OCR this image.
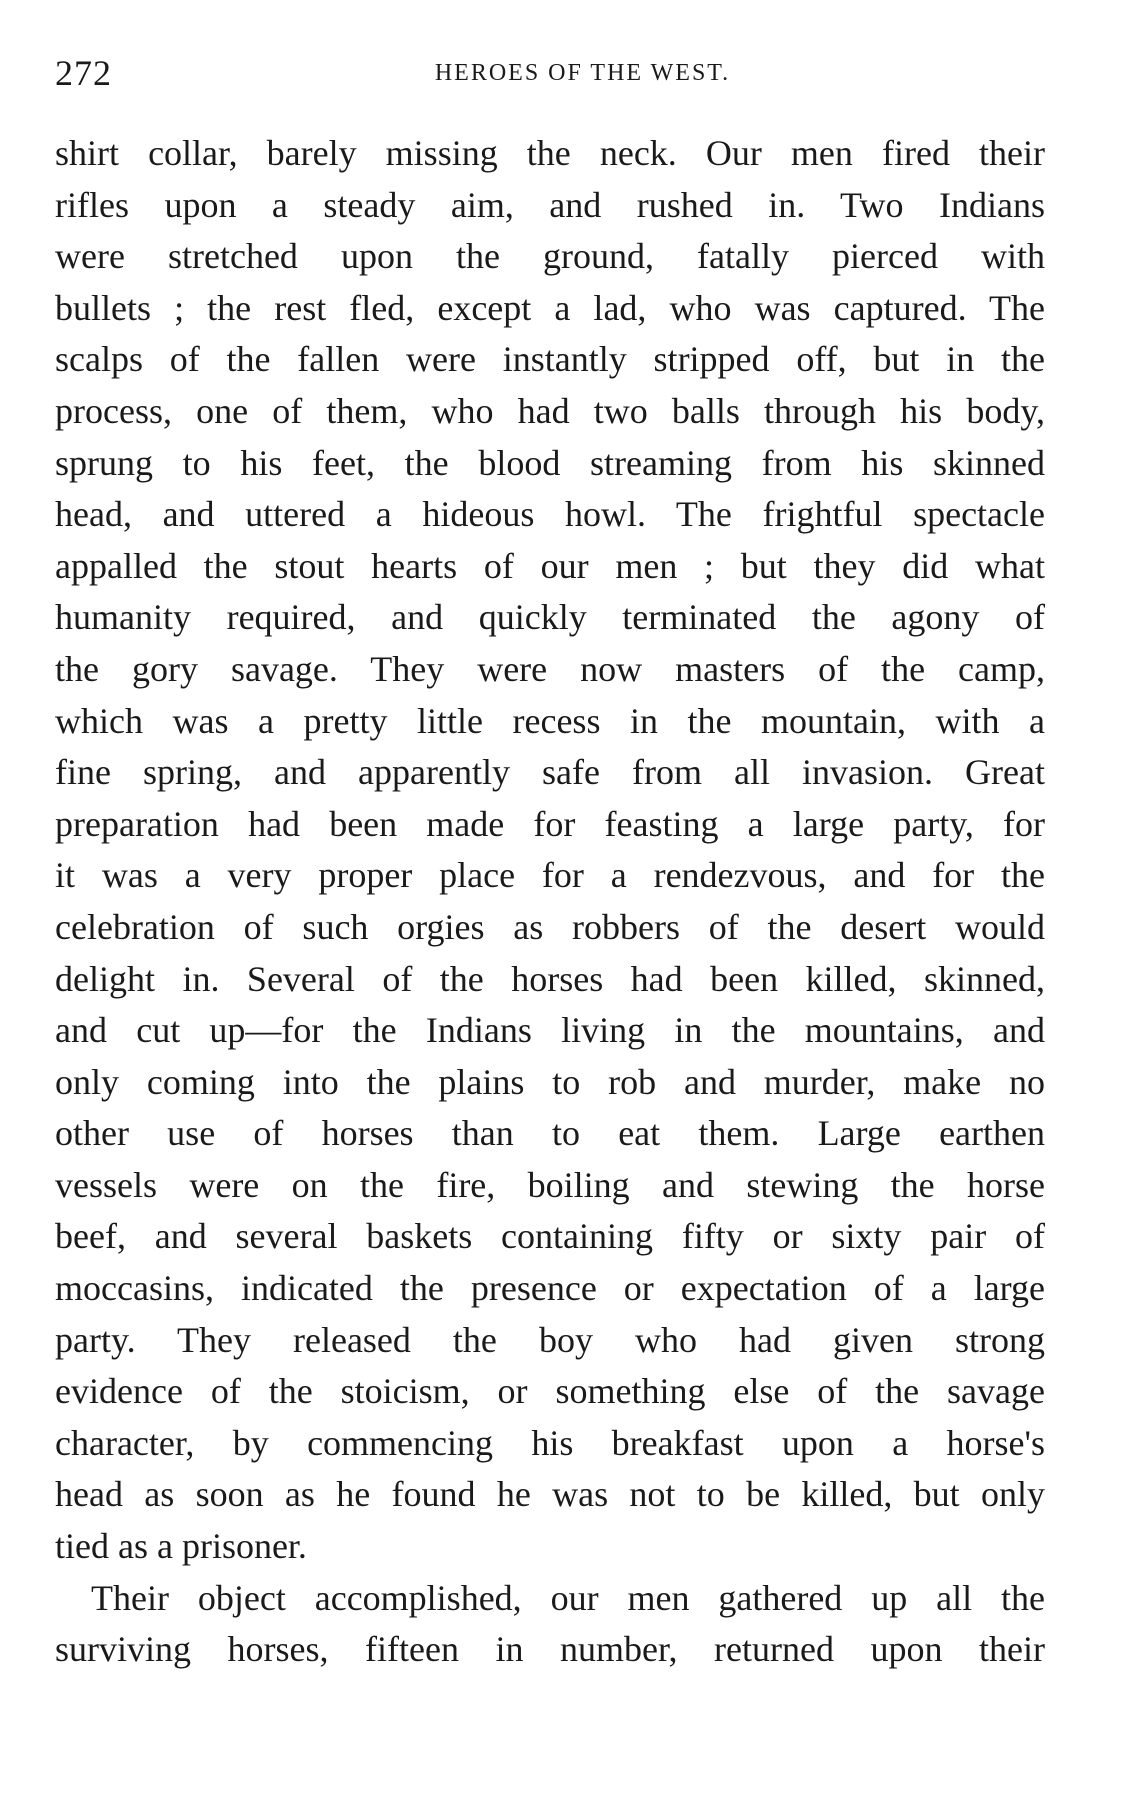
272	HEROES OF THE WEST.
shirt collar, barely missing the neck. Our men fired their
rifles upon a steady aim, and rushed in. Two Indians
were stretched upon the ground, fatally pierced with
bullets ; the rest fled, except a lad, who was captured. The
scalps of the fallen were instantly stripped off, but in the
process, one of them, who had two balls through his body,
sprung to his feet, the blood streaming from his skinned
head, and uttered a hideous howl. The frightful spectacle
appalled the stout hearts of our men ; but they did what
humanity required, and quickly terminated the agony of
the gory savage. They were now masters of the camp,
which was a pretty little recess in the mountain, with a
fine spring, and apparently safe from all invasion. Great
preparation had been made for feasting a large party, for
it was a very proper place for a rendezvous, and for the
celebration of such orgies as robbers of the desert would
delight in. Several of the horses had been killed, skinned,
and cut up—for the Indians living in the mountains, and
only coming into the plains to rob and murder, make no
other use of horses than to eat them. Large earthen
vessels were on the fire, boiling and stewing the horse
beef, and several baskets containing fifty or sixty pair of
moccasins, indicated the presence or expectation of a large
party. They released the boy who had given strong
evidence of the stoicism, or something else of the savage
character, by commencing his breakfast upon a horse's
head as soon as he found he was not to be killed, but only
tied as a prisoner.
Their object accomplished, our men gathered up all the
surviving horses, fifteen in number, returned upon their
